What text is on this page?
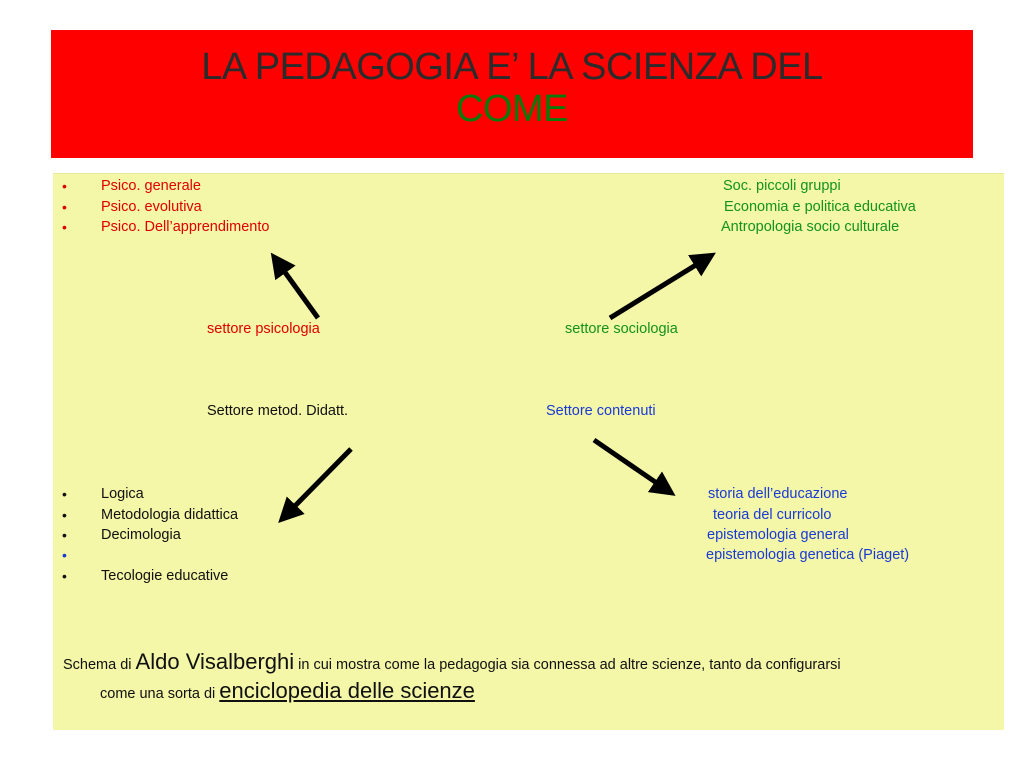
LA PEDAGOGIA E’ LA SCIENZA DEL
COME
• Psico. generale
• Psico. evolutiva
• Psico. Dell’apprendimento
Soc. piccoli gruppi
Economia e politica educativa
Antropologia socio culturale
settore psicologia	settore sociologia
Settore metod. Didatt.	Settore contenuti
• Logica
• Metodologia didattica
• Decimologia
•
• Tecologie educative
storia dell’educazione
teoria del curricolo
epistemologia general
epistemologia genetica (Piaget)
Schema di Aldo Visalberghi in cui mostra come la pedagogia sia connessa ad altre scienze, tanto da configurarsi
come una sorta di enciclopedia delle scienze
